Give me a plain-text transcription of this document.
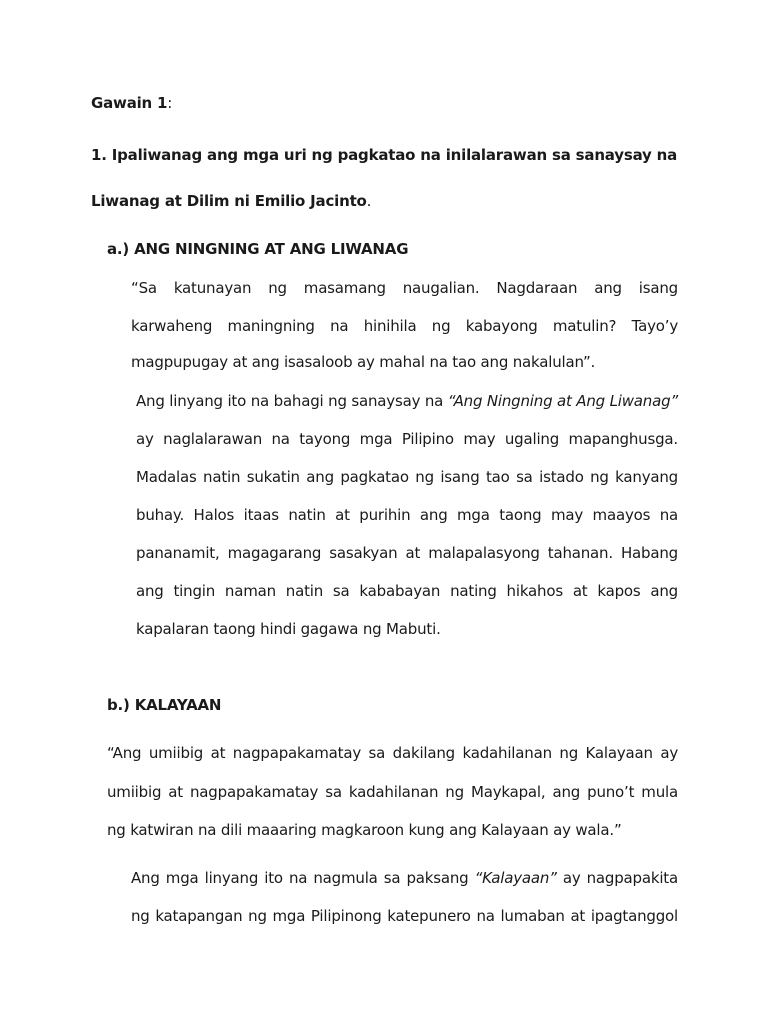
Gawain 1:
1. Ipaliwanag ang mga uri ng pagkatao na inilalarawan sa sanaysay na
Liwanag at Dilim ni Emilio Jacinto.
a.) ANG NINGNING AT ANG LIWANAG
“Sa katunayan ng masamang naugalian. Nagdaraan ang isang
karwaheng maningning na hinihila ng kabayong matulin? Tayo’y
magpupugay at ang isasaloob ay mahal na tao ang nakalulan”.
Ang linyang ito na bahagi ng sanaysay na “Ang Ningning at Ang Liwanag”
ay naglalarawan na tayong mga Pilipino may ugaling mapanghusga.
Madalas natin sukatin ang pagkatao ng isang tao sa istado ng kanyang
buhay. Halos itaas natin at purihin ang mga taong may maayos na
pananamit, magagarang sasakyan at malapalasyong tahanan. Habang
ang tingin naman natin sa kababayan nating hikahos at kapos ang
kapalaran taong hindi gagawa ng Mabuti.
b.) KALAYAAN
“Ang umiibig at nagpapakamatay sa dakilang kadahilanan ng Kalayaan ay
umiibig at nagpapakamatay sa kadahilanan ng Maykapal, ang puno’t mula
ng katwiran na dili maaaring magkaroon kung ang Kalayaan ay wala.”
Ang mga linyang ito na nagmula sa paksang “Kalayaan” ay nagpapakita
ng katapangan ng mga Pilipinong katepunero na lumaban at ipagtanggol
